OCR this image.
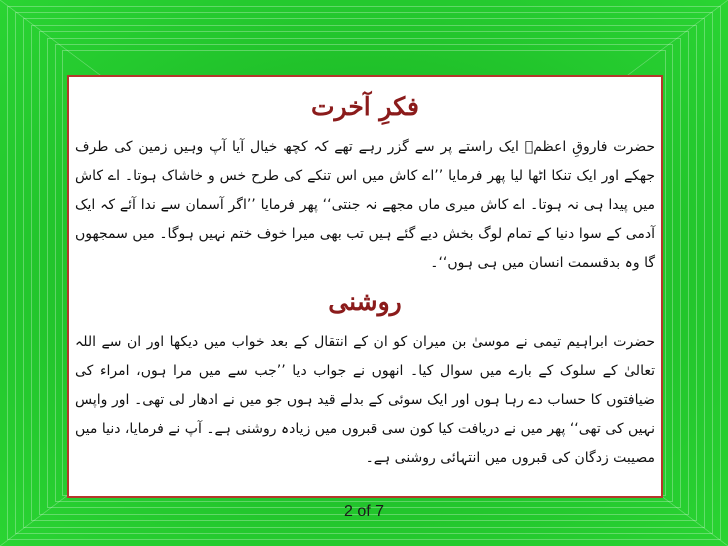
فکرِ آخرت

حضرت فاروقِ اعظمؓ ایک راستے پر سے گزر رہے تھے کہ کچھ خیال آیا آپ وہیں زمین کی طرف جھکے اور ایک تنکا اٹھا لیا پھر فرمایا ’’اے کاش میں اس تنکے کی طرح خس و خاشاک ہوتا۔ اے کاش میں پیدا ہی نہ ہوتا۔ اے کاش میری ماں مجھے نہ جنتی‘‘ پھر فرمایا ’’اگر آسمان سے ندا آئے کہ ایک آدمی کے سوا دنیا کے تمام لوگ بخش دیے گئے ہیں تب بھی میرا خوف ختم نہیں ہوگا۔ میں سمجھوں گا وہ بدقسمت انسان میں ہی ہوں‘‘۔

روشنی

حضرت ابراہیم تیمی نے موسیٰ بن میران کو ان کے انتقال کے بعد خواب میں دیکھا اور ان سے اللہ تعالیٰ کے سلوک کے بارے میں سوال کیا۔ انھوں نے جواب دیا ’’جب سے میں مرا ہوں، امراء کی ضیافتوں کا حساب دے رہا ہوں اور ایک سوئی کے بدلے قید ہوں جو میں نے ادھار لی تھی۔ اور واپس نہیں کی تھی‘‘ پھر میں نے دریافت کیا کون سی قبروں میں زیادہ روشنی ہے۔ آپ نے فرمایا، دنیا میں مصیبت زدگان کی قبروں میں انتہائی روشنی ہے۔

2 of 7
